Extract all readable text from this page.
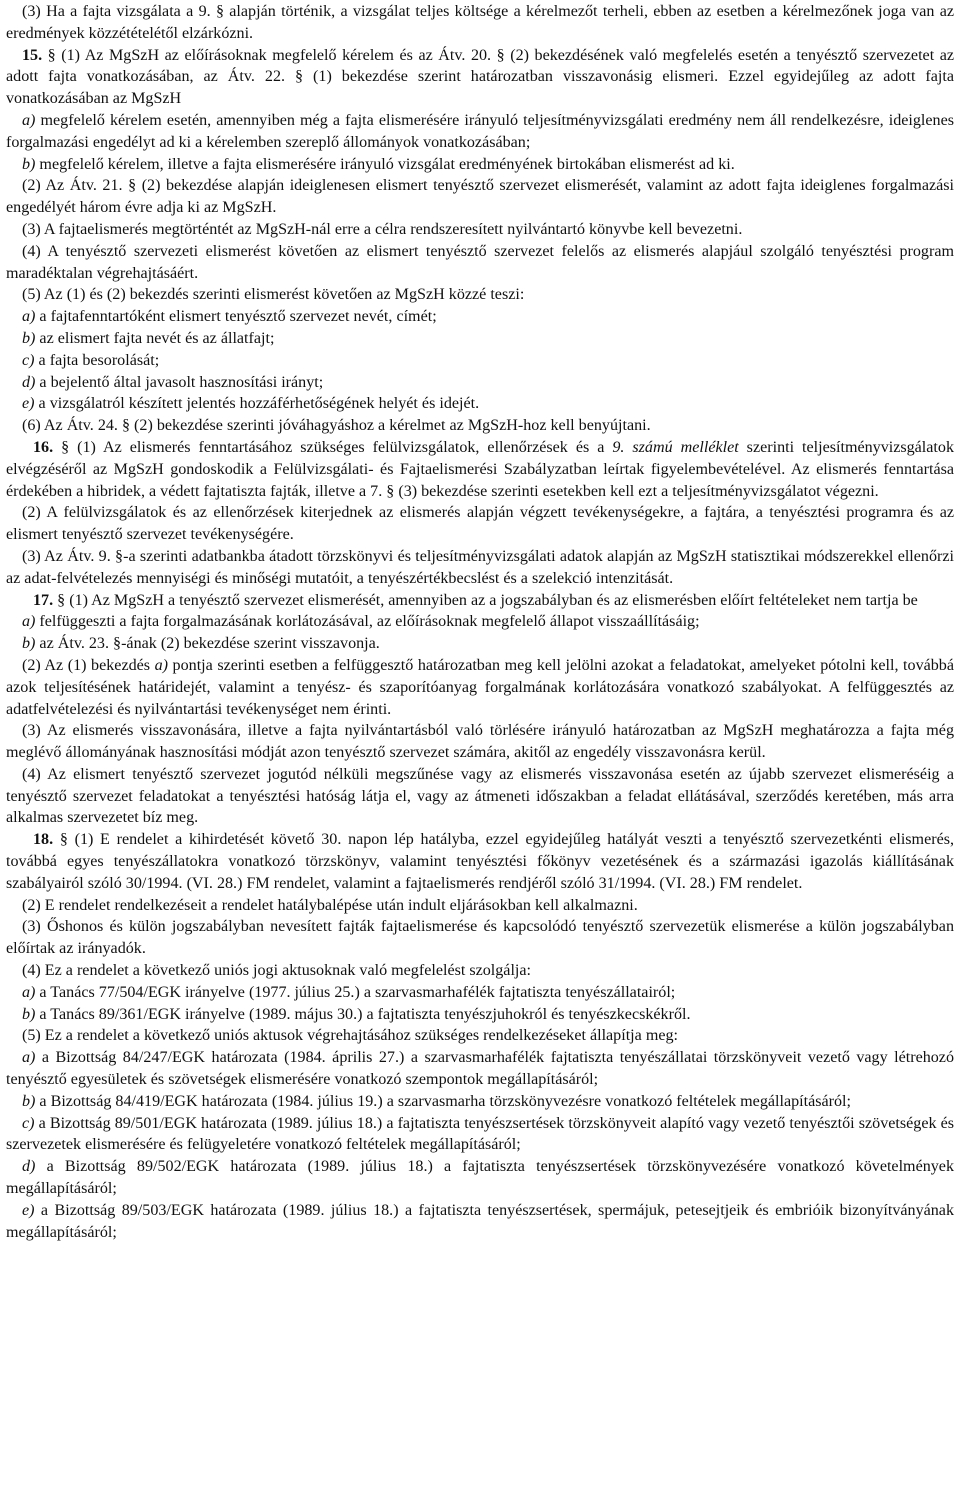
(3) Ha a fajta vizsgálata a 9. § alapján történik, a vizsgálat teljes költsége a kérelmezőt terheli, ebben az esetben a kérelmezőnek joga van az eredmények közzétételétől elzárkózni.

15. § (1) Az MgSzH az előírásoknak megfelelő kérelem és az Átv. 20. § (2) bekezdésének való megfelelés esetén a tenyésztő szervezetet az adott fajta vonatkozásában, az Átv. 22. § (1) bekezdése szerint határozatban visszavonásig elismeri. Ezzel egyidejűleg az adott fajta vonatkozásában az MgSzH

a) megfelelő kérelem esetén, amennyiben még a fajta elismerésére irányuló teljesítményvizsgálati eredmény nem áll rendelkezésre, ideiglenes forgalmazási engedélyt ad ki a kérelemben szereplő állományok vonatkozásában;

b) megfelelő kérelem, illetve a fajta elismerésére irányuló vizsgálat eredményének birtokában elismerést ad ki.

(2) Az Átv. 21. § (2) bekezdése alapján ideiglenesen elismert tenyésztő szervezet elismerését, valamint az adott fajta ideiglenes forgalmazási engedélyét három évre adja ki az MgSzH.

(3) A fajtaelismerés megtörténtét az MgSzH-nál erre a célra rendszeresített nyilvántartó könyvbe kell bevezetni.

(4) A tenyésztő szervezeti elismerést követően az elismert tenyésztő szervezet felelős az elismerés alapjául szolgáló tenyésztési program maradéktalan végrehajtásáért.

(5) Az (1) és (2) bekezdés szerinti elismerést követően az MgSzH közzé teszi:

a) a fajtafenntartóként elismert tenyésztő szervezet nevét, címét;

b) az elismert fajta nevét és az állatfajt;

c) a fajta besorolását;

d) a bejelentő által javasolt hasznosítási irányt;

e) a vizsgálatról készített jelentés hozzáférhetőségének helyét és idejét.

(6) Az Átv. 24. § (2) bekezdése szerinti jóváhagyáshoz a kérelmet az MgSzH-hoz kell benyújtani.

16. § (1) Az elismerés fenntartásához szükséges felülvizsgálatok, ellenőrzések és a 9. számú melléklet szerinti teljesítményvizsgálatok elvégzéséről az MgSzH gondoskodik a Felülvizsgálati- és Fajtaelismerési Szabályzatban leírtak figyelembevételével. Az elismerés fenntartása érdekében a hibridek, a védett fajtatiszta fajták, illetve a 7. § (3) bekezdése szerinti esetekben kell ezt a teljesítményvizsgálatot végezni.

(2) A felülvizsgálatok és az ellenőrzések kiterjednek az elismerés alapján végzett tevékenységekre, a fajtára, a tenyésztési programra és az elismert tenyésztő szervezet tevékenységére.

(3) Az Átv. 9. §-a szerinti adatbankba átadott törzskönyvi és teljesítményvizsgálati adatok alapján az MgSzH statisztikai módszerekkel ellenőrzi az adat-felvételezés mennyiségi és minőségi mutatóit, a tenyészértékbecslést és a szelekció intenzitását.

17. § (1) Az MgSzH a tenyésztő szervezet elismerését, amennyiben az a jogszabályban és az elismerésben előírt feltételeket nem tartja be

a) felfüggeszti a fajta forgalmazásának korlátozásával, az előírásoknak megfelelő állapot visszaállításáig;

b) az Átv. 23. §-ának (2) bekezdése szerint visszavonja.

(2) Az (1) bekezdés a) pontja szerinti esetben a felfüggesztő határozatban meg kell jelölni azokat a feladatokat, amelyeket pótolni kell, továbbá azok teljesítésének határidejét, valamint a tenyész- és szaporítóanyag forgalmának korlátozására vonatkozó szabályokat. A felfüggesztés az adatfelvételezési és nyilvántartási tevékenységet nem érinti.

(3) Az elismerés visszavonására, illetve a fajta nyilvántartásból való törlésére irányuló határozatban az MgSzH meghatározza a fajta még meglévő állományának hasznosítási módját azon tenyésztő szervezet számára, akitől az engedély visszavonásra kerül.

(4) Az elismert tenyésztő szervezet jogutód nélküli megszűnése vagy az elismerés visszavonása esetén az újabb szervezet elismeréséig a tenyésztő szervezet feladatokat a tenyésztési hatóság látja el, vagy az átmeneti időszakban a feladat ellátásával, szerződés keretében, más arra alkalmas szervezetet bíz meg.

18. § (1) E rendelet a kihirdetését követő 30. napon lép hatályba, ezzel egyidejűleg hatályát veszti a tenyésztő szervezetkénti elismerés, továbbá egyes tenyészállatokra vonatkozó törzskönyv, valamint tenyésztési főkönyv vezetésének és a származási igazolás kiállításának szabályairól szóló 30/1994. (VI. 28.) FM rendelet, valamint a fajtaelismerés rendjéről szóló 31/1994. (VI. 28.) FM rendelet.

(2) E rendelet rendelkezéseit a rendelet hatálybalépése után indult eljárásokban kell alkalmazni.

(3) Őshonos és külön jogszabályban nevesített fajták fajtaelismerése és kapcsolódó tenyésztő szervezetük elismerése a külön jogszabályban előírtak az irányadók.

(4) Ez a rendelet a következő uniós jogi aktusoknak való megfelelést szolgálja:

a) a Tanács 77/504/EGK irányelve (1977. július 25.) a szarvasmarhafélék fajtatiszta tenyészállatairól;

b) a Tanács 89/361/EGK irányelve (1989. május 30.) a fajtatiszta tenyészjuhokról és tenyészkecskékről.

(5) Ez a rendelet a következő uniós aktusok végrehajtásához szükséges rendelkezéseket állapítja meg:

a) a Bizottság 84/247/EGK határozata (1984. április 27.) a szarvasmarhafélék fajtatiszta tenyészállatai törzskönyveit vezető vagy létrehozó tenyésztő egyesületek és szövetségek elismerésére vonatkozó szempontok megállapításáról;

b) a Bizottság 84/419/EGK határozata (1984. július 19.) a szarvasmarha törzskönyvezésre vonatkozó feltételek megállapításáról;

c) a Bizottság 89/501/EGK határozata (1989. július 18.) a fajtatiszta tenyészsertések törzskönyveit alapító vagy vezető tenyésztői szövetségek és szervezetek elismerésére és felügyeletére vonatkozó feltételek megállapításáról;

d) a Bizottság 89/502/EGK határozata (1989. július 18.) a fajtatiszta tenyészsertések törzskönyvezésére vonatkozó követelmények megállapításáról;

e) a Bizottság 89/503/EGK határozata (1989. július 18.) a fajtatiszta tenyészsertések, spermájuk, petesejtjeik és embrióik bizonyítványának megállapításáról;
